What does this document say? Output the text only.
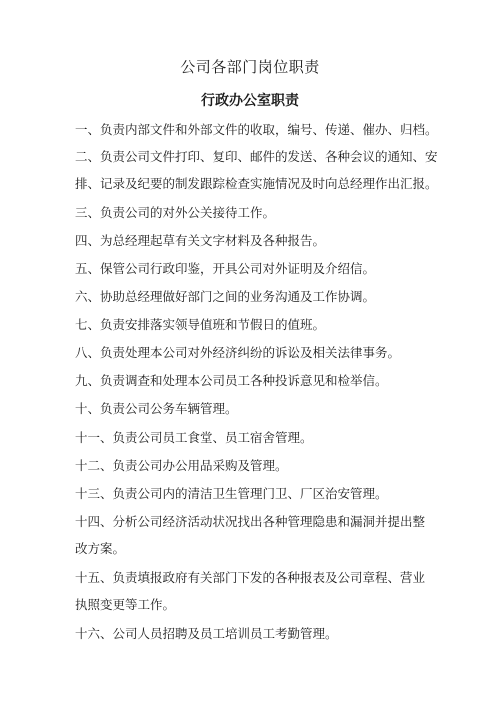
公司各部门岗位职责
行政办公室职责
一、负责内部文件和外部文件的收取，编号、传递、催办、归档。
二、负责公司文件打印、复印、邮件的发送、各种会议的通知、安
排、记录及纪要的制发跟踪检查实施情况及时向总经理作出汇报。
三、负责公司的对外公关接待工作。
四、为总经理起草有关文字材料及各种报告。
五、保管公司行政印鉴，开具公司对外证明及介绍信。
六、协助总经理做好部门之间的业务沟通及工作协调。
七、负责安排落实领导值班和节假日的值班。
八、负责处理本公司对外经济纠纷的诉讼及相关法律事务。
九、负责调查和处理本公司员工各种投诉意见和检举信。
十、负责公司公务车辆管理。
十一、负责公司员工食堂、员工宿舍管理。
十二、负责公司办公用品采购及管理。
十三、负责公司内的清洁卫生管理门卫、厂区治安管理。
十四、分析公司经济活动状况找出各种管理隐患和漏洞并提出整
改方案。
十五、负责填报政府有关部门下发的各种报表及公司章程、营业
执照变更等工作。
十六、公司人员招聘及员工培训员工考勤管理。
